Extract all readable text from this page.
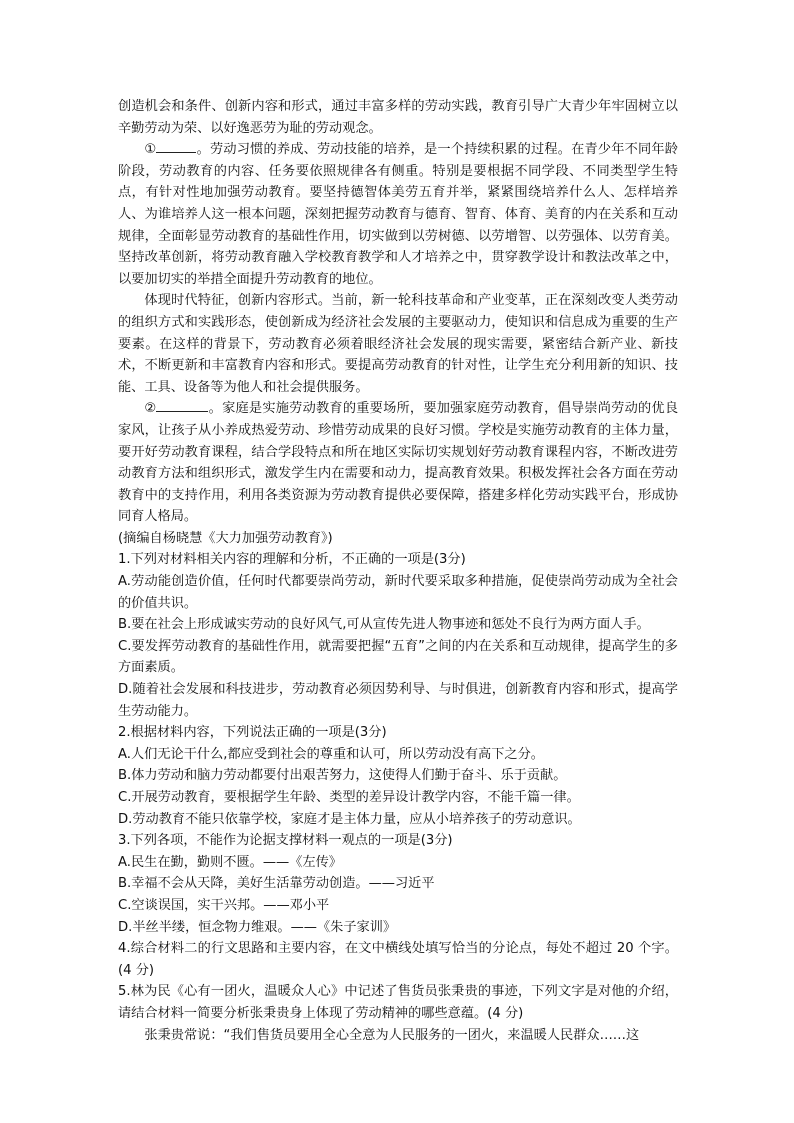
创造机会和条件、创新内容和形式，通过丰富多样的劳动实践，教育引导广大青少年牢固树立以辛勤劳动为荣、以好逸恶劳为耻的劳动观念。

①	。劳动习惯的养成、劳动技能的培养，是一个持续积累的过程。在青少年不同年龄阶段，劳动教育的内容、任务要依照规律各有侧重。特别是要根据不同学段、不同类型学生特点，有针对性地加强劳动教育。要坚持德智体美劳五育并举，紧紧围绕培养什么人、怎样培养人、为谁培养人这一根本问题，深刻把握劳动教育与德育、智育、体育、美育的内在关系和互动规律，全面彰显劳动教育的基础性作用，切实做到以劳树德、以劳增智、以劳强体、以劳育美。坚持改革创新，将劳动教育融入学校教育教学和人才培养之中，贯穿教学设计和教法改革之中，以要加切实的举措全面提升劳动教育的地位。

体现时代特征，创新内容形式。当前，新一轮科技革命和产业变革，正在深刻改变人类劳动的组织方式和实践形态，使创新成为经济社会发展的主要驱动力，使知识和信息成为重要的生产要素。在这样的背景下，劳动教育必须着眼经济社会发展的现实需要，紧密结合新产业、新技术，不断更新和丰富教育内容和形式。要提高劳动教育的针对性，让学生充分利用新的知识、技能、工具、设备等为他人和社会提供服务。

②	。家庭是实施劳动教育的重要场所，要加强家庭劳动教育，倡导崇尚劳动的优良家风，让孩子从小养成热爱劳动、珍惜劳动成果的良好习惯。学校是实施劳动教育的主体力量，要开好劳动教育课程，结合学段特点和所在地区实际切实规划好劳动教育课程内容，不断改进劳动教育方法和组织形式，激发学生内在需要和动力，提高教育效果。积极发挥社会各方面在劳动教育中的支持作用，利用各类资源为劳动教育提供必要保障，搭建多样化劳动实践平台，形成协同育人格局。

(摘编自杨晓慧《大力加强劳动教育》)

1.下列对材料相关内容的理解和分析，不正确的一项是(3分)

A.劳动能创造价值，任何时代都要崇尚劳动，新时代要采取多种措施，促使崇尚劳动成为全社会的价值共识。

B.要在社会上形成诚实劳动的良好风气,可从宣传先进人物事迹和惩处不良行为两方面人手。

C.要发挥劳动教育的基础性作用，就需要把握“五育”之间的内在关系和互动规律，提高学生的多方面素质。

D.随着社会发展和科技进步，劳动教育必须因势利导、与时俱进，创新教育内容和形式，提高学生劳动能力。

2.根据材料内容，下列说法正确的一项是(3分)

A.人们无论干什么,都应受到社会的尊重和认可，所以劳动没有高下之分。

B.体力劳动和脑力劳动都要付出艰苦努力，这使得人们勤于奋斗、乐于贡献。

C.开展劳动教育，要根据学生年龄、类型的差异设计教学内容，不能千篇一律。

D.劳动教育不能只依靠学校，家庭才是主体力量，应从小培养孩子的劳动意识。

3.下列各项，不能作为论据支撑材料一观点的一项是(3分)

A.民生在勤，勤则不匮。——《左传》

B.幸福不会从天降，美好生活靠劳动创造。——习近平

C.空谈误国，实干兴邦。——邓小平

D.半丝半缕，恒念物力维艰。——《朱子家训》

4.综合材料二的行文思路和主要内容，在文中横线处填写恰当的分论点，每处不超过 20 个字。(4 分)

5.林为民《心有一团火，温暖众人心》中记述了售货员张秉贵的事迹，下列文字是对他的介绍，请结合材料一简要分析张秉贵身上体现了劳动精神的哪些意蕴。(4 分)

张秉贵常说：“我们售货员要用全心全意为人民服务的一团火，来温暖人民群众……这
